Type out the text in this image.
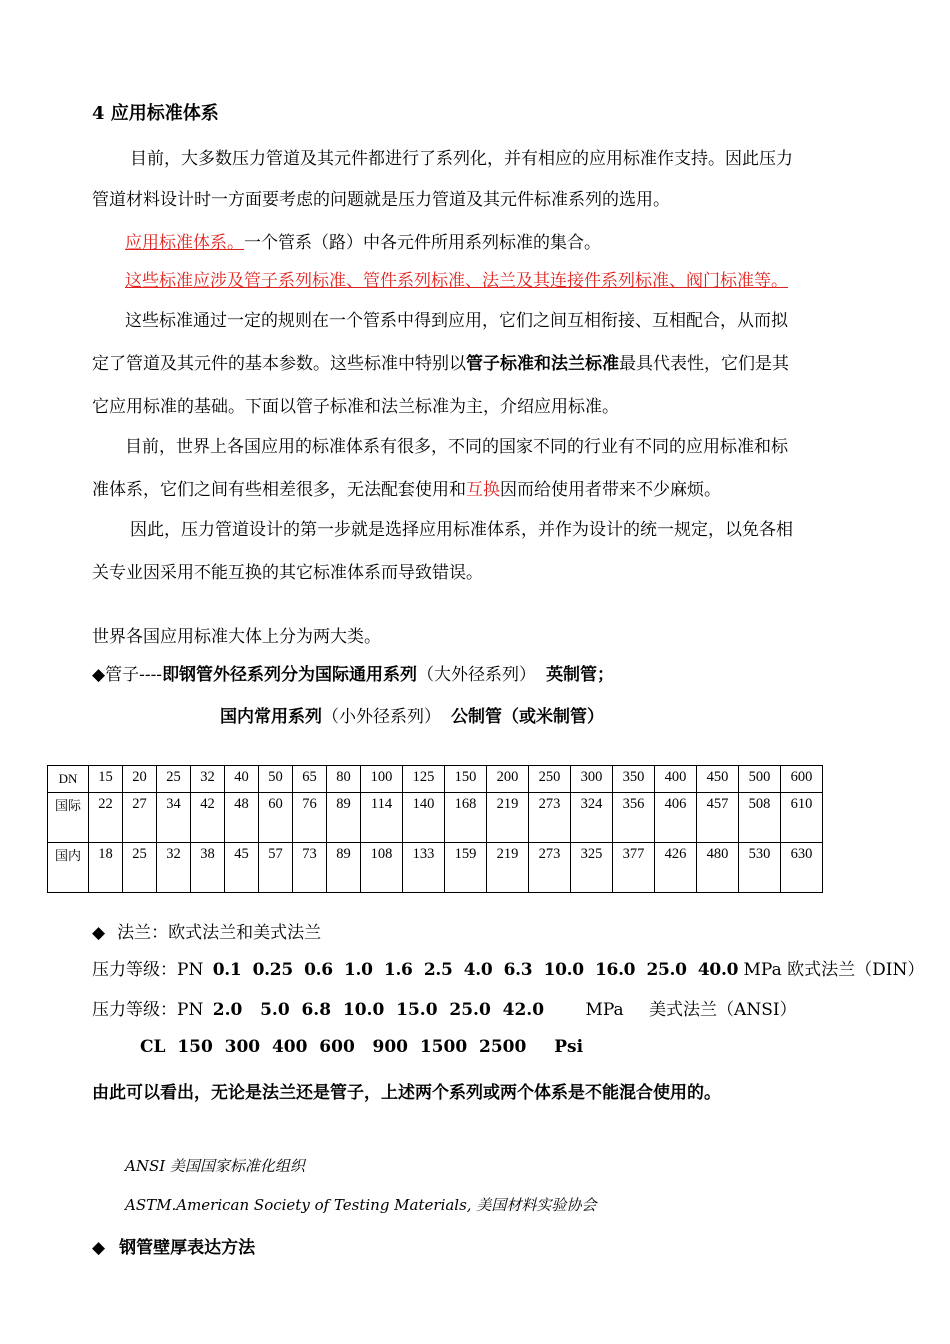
4 应用标准体系
目前，大多数压力管道及其元件都进行了系列化，并有相应的应用标准作支持。因此压力
管道材料设计时一方面要考虑的问题就是压力管道及其元件标准系列的选用。
应用标准体系。一个管系（路）中各元件所用系列标准的集合。
这些标准应涉及管子系列标准、管件系列标准、法兰及其连接件系列标准、阀门标准等。
这些标准通过一定的规则在一个管系中得到应用，它们之间互相衔接、互相配合，从而拟
定了管道及其元件的基本参数。这些标准中特别以管子标准和法兰标准最具代表性，它们是其
它应用标准的基础。下面以管子标准和法兰标准为主，介绍应用标准。
目前，世界上各国应用的标准体系有很多，不同的国家不同的行业有不同的应用标准和标
准体系，它们之间有些相差很多，无法配套使用和互换因而给使用者带来不少麻烦。
因此，压力管道设计的第一步就是选择应用标准体系，并作为设计的统一规定，以免各相
关专业因采用不能互换的其它标准体系而导致错误。
世界各国应用标准大体上分为两大类。
◆管子----即钢管外径系列分为国际通用系列（大外径系列） 英制管；
国内常用系列（小外径系列） 公制管（或米制管）
DN	15	20	25	32	40	50	65	80	100	125	150	200	250	300	350	400	450	500	600
国际	22	27	34	42	48	60	76	89	114	140	168	219	273	324	356	406	457	508	610
国内	18	25	32	38	45	57	73	89	108	133	159	219	273	325	377	426	480	530	630
◆ 法兰：欧式法兰和美式法兰
压力等级：PN 0.1  0.25  0.6  1.0  1.6  2.5  4.0  6.3  10.0  16.0  25.0  40.0 MPa 欧式法兰（DIN）
压力等级：PN 2.0   5.0  6.8  10.0  15.0  25.0  42.0 MPa 美式法兰（ANSI）
CL  150  300  400  600   900  1500  2500 Psi
由此可以看出，无论是法兰还是管子，上述两个系列或两个体系是不能混合使用的。
ANSI 美国国家标准化组织
ASTM.American Society of Testing Materials, 美国材料实验协会
◆ 钢管壁厚表达方法
